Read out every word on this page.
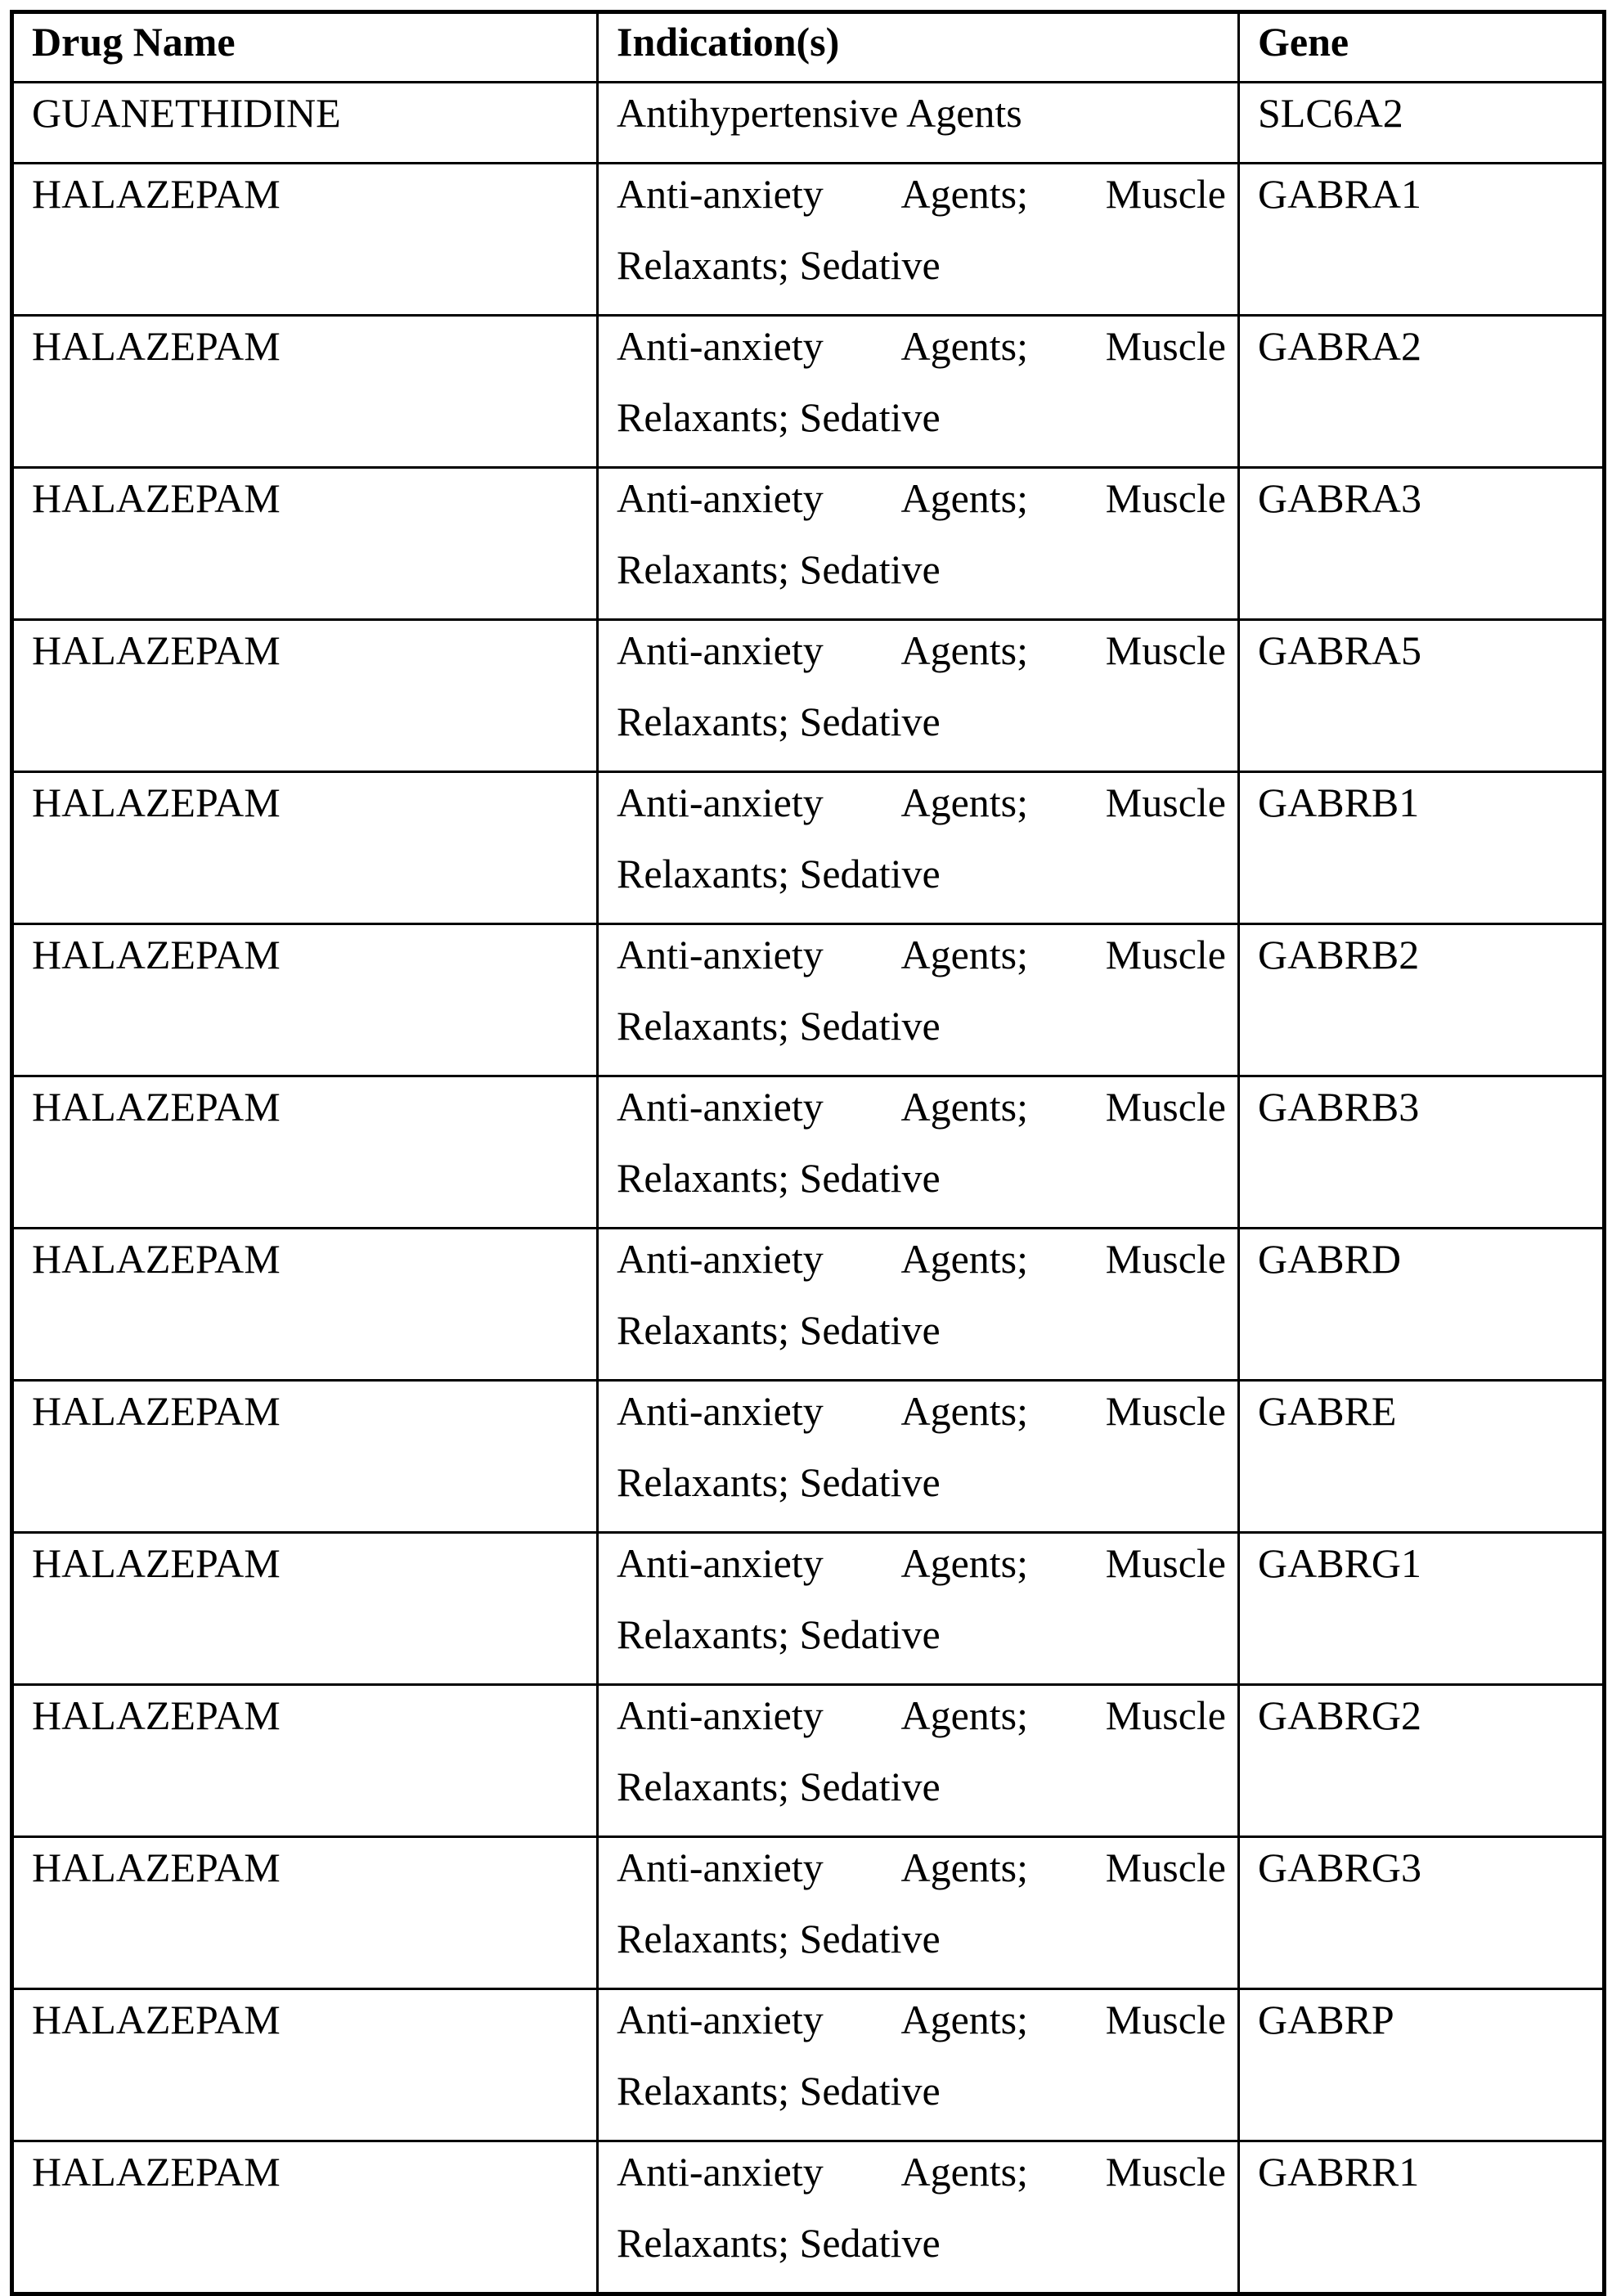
Drug Name	Indication(s)	Gene

GUANETHIDINE	Antihypertensive Agents	SLC6A2

HALAZEPAM	Anti-anxiety Agents; Muscle
Relaxants; Sedative	GABRA1

HALAZEPAM	Anti-anxiety Agents; Muscle
Relaxants; Sedative	GABRA2

HALAZEPAM	Anti-anxiety Agents; Muscle
Relaxants; Sedative	GABRA3

HALAZEPAM	Anti-anxiety Agents; Muscle
Relaxants; Sedative	GABRA5

HALAZEPAM	Anti-anxiety Agents; Muscle
Relaxants; Sedative	GABRB1

HALAZEPAM	Anti-anxiety Agents; Muscle
Relaxants; Sedative	GABRB2

HALAZEPAM	Anti-anxiety Agents; Muscle
Relaxants; Sedative	GABRB3

HALAZEPAM	Anti-anxiety Agents; Muscle
Relaxants; Sedative	GABRD

HALAZEPAM	Anti-anxiety Agents; Muscle
Relaxants; Sedative	GABRE

HALAZEPAM	Anti-anxiety Agents; Muscle
Relaxants; Sedative	GABRG1

HALAZEPAM	Anti-anxiety Agents; Muscle
Relaxants; Sedative	GABRG2

HALAZEPAM	Anti-anxiety Agents; Muscle
Relaxants; Sedative	GABRG3

HALAZEPAM	Anti-anxiety Agents; Muscle
Relaxants; Sedative	GABRP

HALAZEPAM	Anti-anxiety Agents; Muscle
Relaxants; Sedative	GABRR1
